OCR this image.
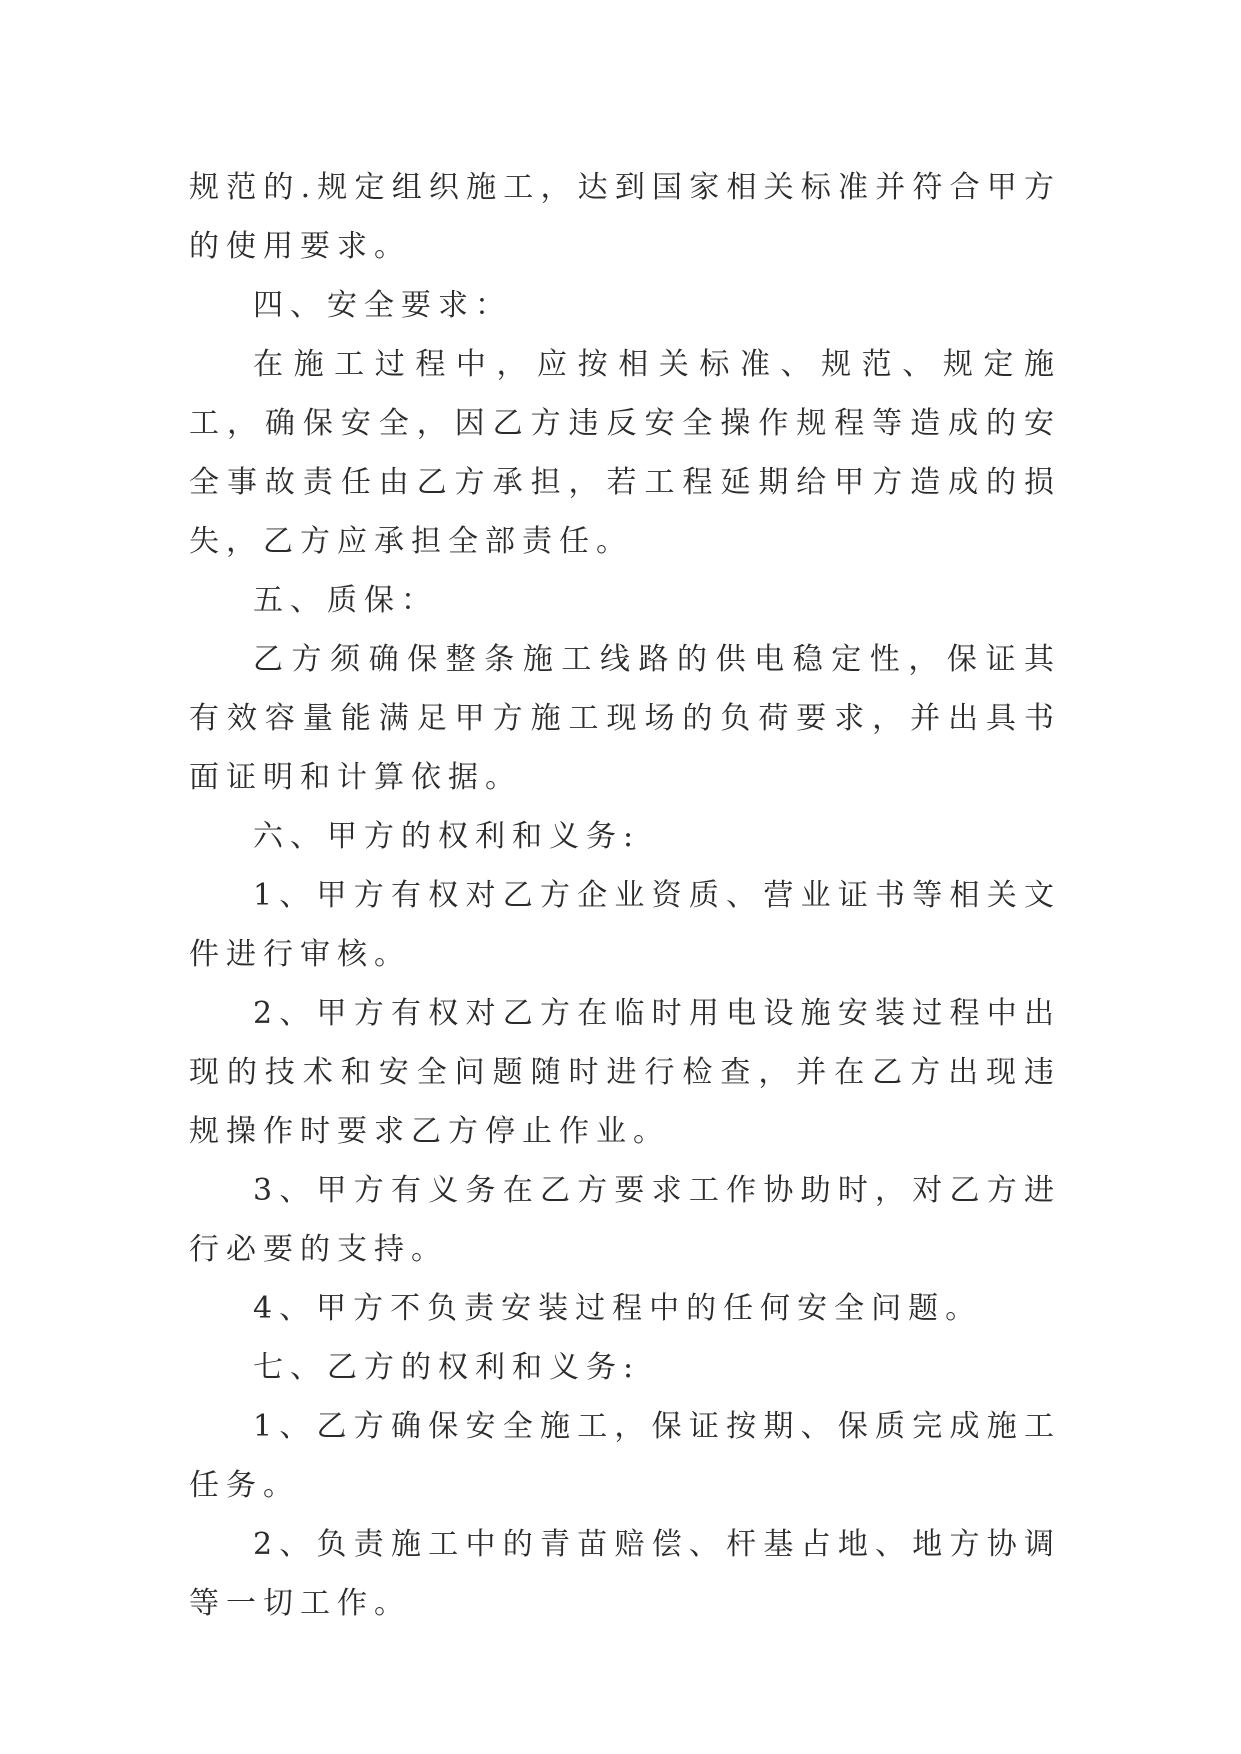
规范的.规定组织施工，达到国家相关标准并符合甲方的使用要求。

四、安全要求：

在施工过程中，应按相关标准、规范、规定施工，确保安全，因乙方违反安全操作规程等造成的安全事故责任由乙方承担，若工程延期给甲方造成的损失，乙方应承担全部责任。

五、质保：

乙方须确保整条施工线路的供电稳定性，保证其有效容量能满足甲方施工现场的负荷要求，并出具书面证明和计算依据。

六、甲方的权利和义务:

1、甲方有权对乙方企业资质、营业证书等相关文件进行审核。

2、甲方有权对乙方在临时用电设施安装过程中出现的技术和安全问题随时进行检查，并在乙方出现违规操作时要求乙方停止作业。

3、甲方有义务在乙方要求工作协助时，对乙方进行必要的支持。

4、甲方不负责安装过程中的任何安全问题。

七、乙方的权利和义务:

1、乙方确保安全施工，保证按期、保质完成施工任务。

2、负责施工中的青苗赔偿、杆基占地、地方协调等一切工作。
